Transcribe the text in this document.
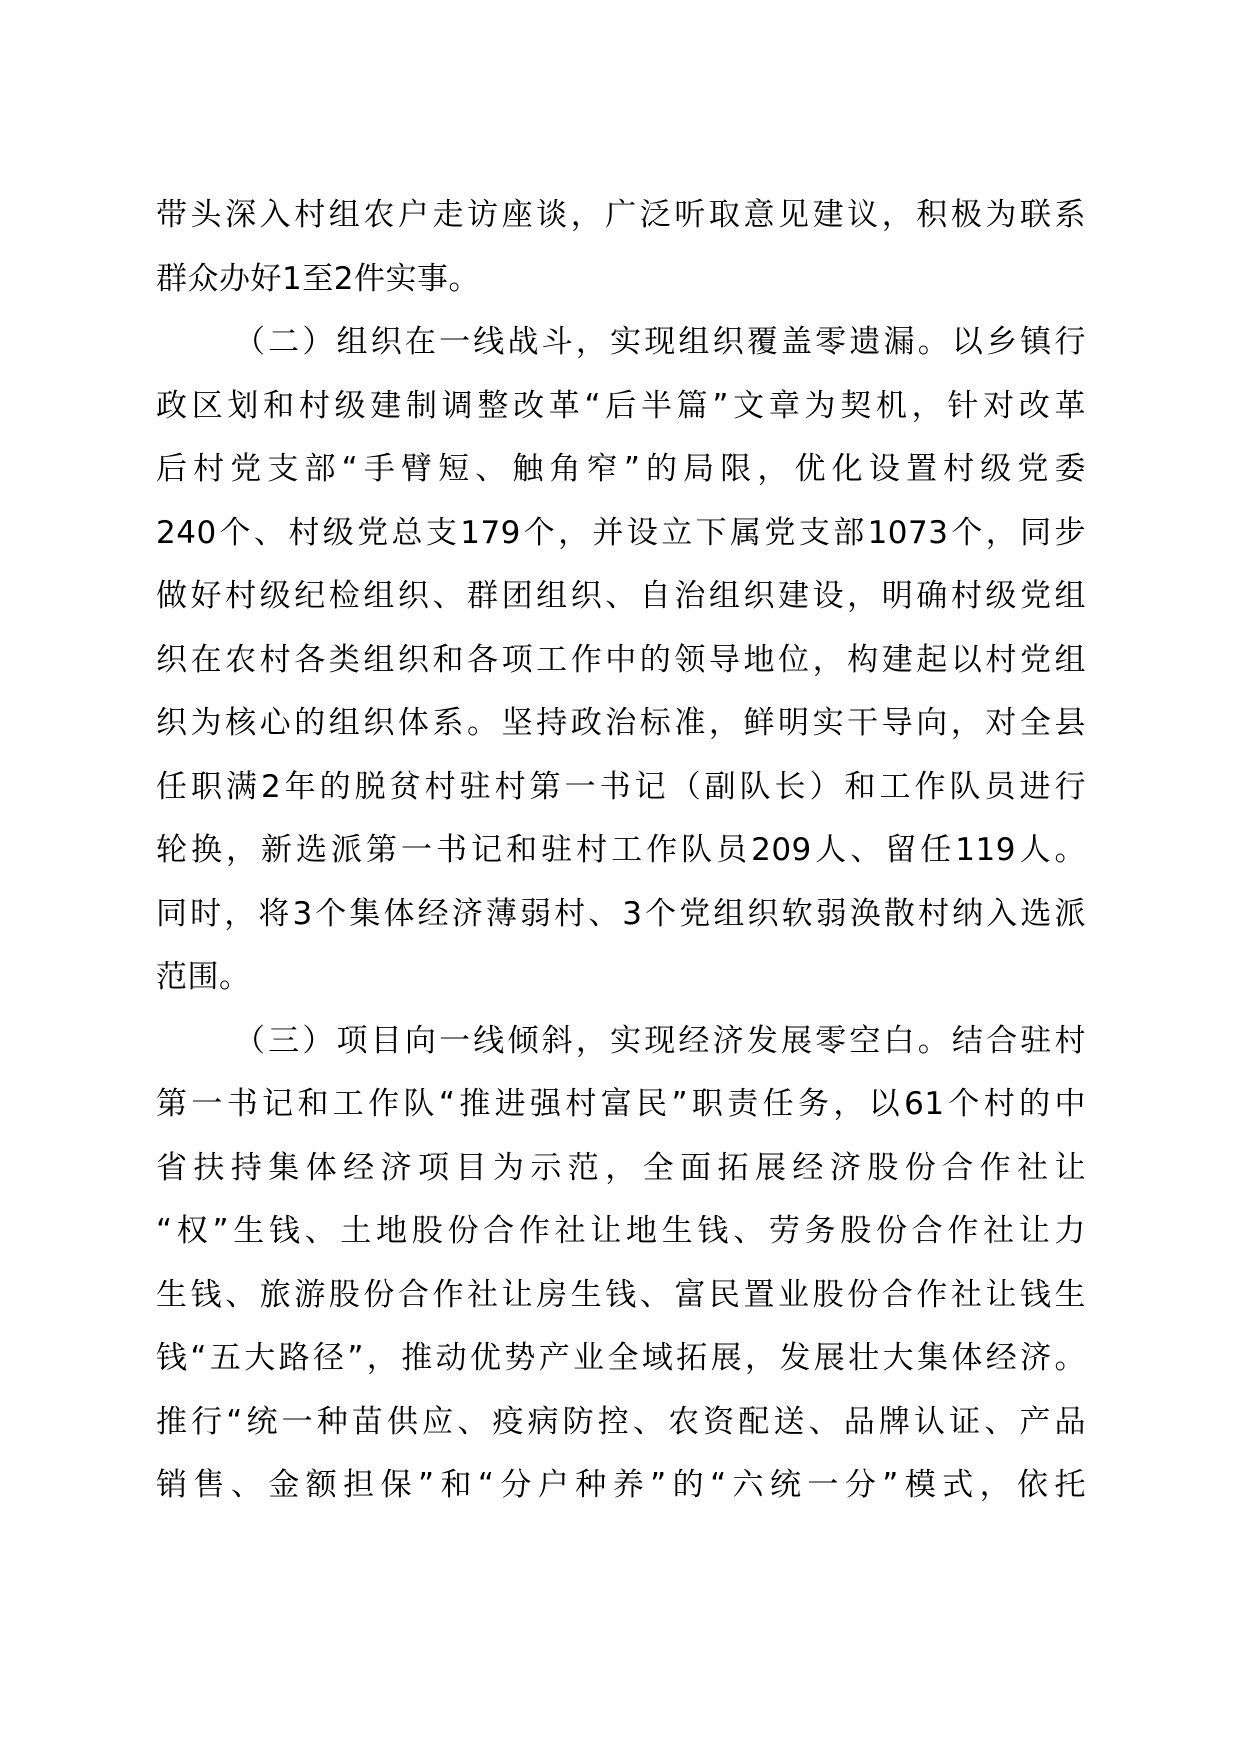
带头深入村组农户走访座谈，广泛听取意见建议，积极为联系
群众办好1至2件实事。
（二）组织在一线战斗，实现组织覆盖零遗漏。以乡镇行
政区划和村级建制调整改革“后半篇”文章为契机，针对改革
后村党支部“手臂短、触角窄”的局限，优化设置村级党委
240个、村级党总支179个，并设立下属党支部1073个，同步
做好村级纪检组织、群团组织、自治组织建设，明确村级党组
织在农村各类组织和各项工作中的领导地位，构建起以村党组
织为核心的组织体系。坚持政治标准，鲜明实干导向，对全县
任职满2年的脱贫村驻村第一书记（副队长）和工作队员进行
轮换，新选派第一书记和驻村工作队员209人、留任119人。
同时，将3个集体经济薄弱村、3个党组织软弱涣散村纳入选派
范围。
（三）项目向一线倾斜，实现经济发展零空白。结合驻村
第一书记和工作队“推进强村富民”职责任务，以61个村的中
省扶持集体经济项目为示范，全面拓展经济股份合作社让
“权”生钱、土地股份合作社让地生钱、劳务股份合作社让力
生钱、旅游股份合作社让房生钱、富民置业股份合作社让钱生
钱“五大路径”，推动优势产业全域拓展，发展壮大集体经济。
推行“统一种苗供应、疫病防控、农资配送、品牌认证、产品
销售、金额担保”和“分户种养”的“六统一分”模式，依托
